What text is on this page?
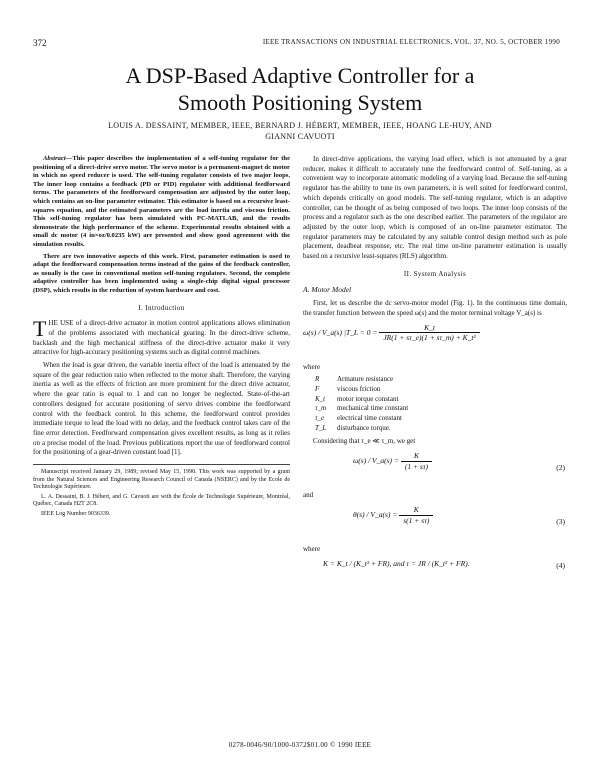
372	IEEE TRANSACTIONS ON INDUSTRIAL ELECTRONICS, VOL. 37, NO. 5, OCTOBER 1990
A DSP-Based Adaptive Controller for a
Smooth Positioning System
LOUIS A. DESSAINT, MEMBER, IEEE, BERNARD J. HÉBERT, MEMBER, IEEE, HOANG LE-HUY, AND
GIANNI CAVUOTI

Abstract—This paper describes the implementation of a self-tuning regulator for the positioning of a direct-drive servo motor. The servo motor is a permanent-magnet dc motor in which no speed reducer is used. The self-tuning regulator consists of two major loops. The inner loop contains a feedback (PD or PID) regulator with additional feedforward terms. The parameters of the feedforward compensation are adjusted by the outer loop, which contains an on-line parameter estimator. This estimator is based on a recursive least-squares equation, and the estimated parameters are the load inertia and viscous friction. This self-tuning regulator has been simulated with PC-MATLAB, and the results demonstrate the high performance of the scheme. Experimental results obtained with a small dc motor (4 in×oz/0.0235 kW) are presented and show good agreement with the simulation results.

There are two innovative aspects of this work. First, parameter estimation is used to adapt the feedforward compensation terms instead of the gains of the feedback controller, as usually is the case in conventional motion self-tuning regulators. Second, the complete adaptive controller has been implemented using a single-chip digital signal processor (DSP), which results in the reduction of system hardware and cost.

I. Introduction

THE USE of a direct-drive actuator in motion control applications allows elimination of the problems associated with mechanical gearing. In the direct-drive scheme, backlash and the high mechanical stiffness of the direct-drive actuator make it very attractive for high-accuracy positioning systems such as digital control machines.

When the load is gear driven, the variable inertia effect of the load is attenuated by the square of the gear reduction ratio when reflected to the motor shaft. Therefore, the varying inertia as well as the effects of friction are more prominent for the direct drive actuator, where the gear ratio is equal to 1 and can no longer be neglected. State-of-the-art controllers designed for accurate positioning of servo drives combine the feedforward control with the feedback control. In this scheme, the feedforward control provides immediate torque to lead the load with no delay, and the feedback control takes care of the fine error detection. Feedforward compensation gives excellent results, as long as it relies on a precise model of the load. Previous publications report the use of feedforward control for the positioning of a gear-driven constant load [1].

Manuscript received January 29, 1989; revised May 15, 1990. This work was supported by a grant from the Natural Sciences and Engineering Research Council of Canada (NSERC) and by the Ecole de Technologie Supérieure.

L. A. Dessaint, B. J. Hébert, and G. Cavuoti are with the École de Technologie Supérieure, Montréal, Québec, Canada H2T 2C8.

IEEE Log Number 9036339.

In direct-drive applications, the varying load effect, which is not attenuated by a gear reducer, makes it difficult to accurately tune the feedforward control of. Self-tuning, as a convenient way to incorporate automatic modeling of a varying load. Because the self-tuning regulator has the ability to tune its own parameters, it is well suited for feedforward control, which depends critically on good models. The self-tuning regulator, which is an adaptive controller, can be thought of as being composed of two loops. The inner loop consists of the process and a regulator such as the one described earlier. The parameters of the regulator are adjusted by the outer loop, which is composed of an on-line parameter estimator. The regulator parameters may be calculated by any suitable control design method such as pole placement, deadbeat response, etc. The real time on-line parameter estimation is usually based on a recursive least-squares (RLS) algorithm.

II. System Analysis
A. Motor Model

First, let us describe the dc servo-motor model (Fig. 1). In the continuous time domain, the transfer function between the speed ω(s) and the motor terminal voltage V_a(s) is

ω(s) / V_a(s) |T_L = $0 = \frac{K\_t}{\text{JR(1 + sτ\_e)(1 + sτ\_m) + K\_t²}}$
where
R	Armature resistance
F	viscous friction
K_t	motor torque constant
τ_m	mechanical time constant
τ_e	electrical time constant
T_L	disturbance torque.

Considering that τ_e ≪ τ_m, we get

ω(s) / V_a(s) = $\frac{K}{(1 + s\tau)}$	(2)
and
θ(s) / V_a(s) = $\frac{K}{s(1 + s\tau)}$	(3)
where
K = K_t / (K_t² + FR), and τ = JR / (K_t² + FR).	(4)
0278-0046/90/1000-0372$01.00 © 1990 IEEE
